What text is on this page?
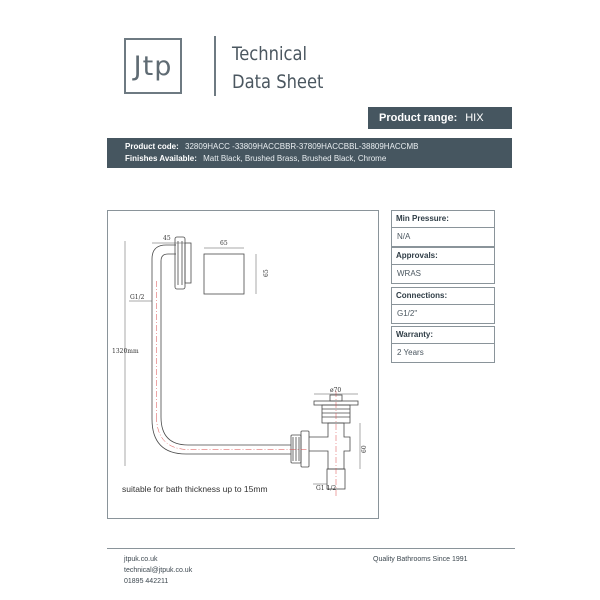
Jtp	Technical
Data Sheet
Product range: HIX
Product code: 32809HACC -33809HACCBBR-37809HACCBBL-38809HACCMB
Finishes Available: Matt Black, Brushed Brass, Brushed Black, Chrome
45
65
65
G1/2
1320mm
ø70
60
G1 1/2
suitable for bath thickness up to 15mm
Min Pressure:
N/A
Approvals:
WRAS
Connections:
G1/2"
Warranty:
2 Years
jtpuk.co.uk
technical@jtpuk.co.uk
01895 442211
Quality Bathrooms Since 1991
